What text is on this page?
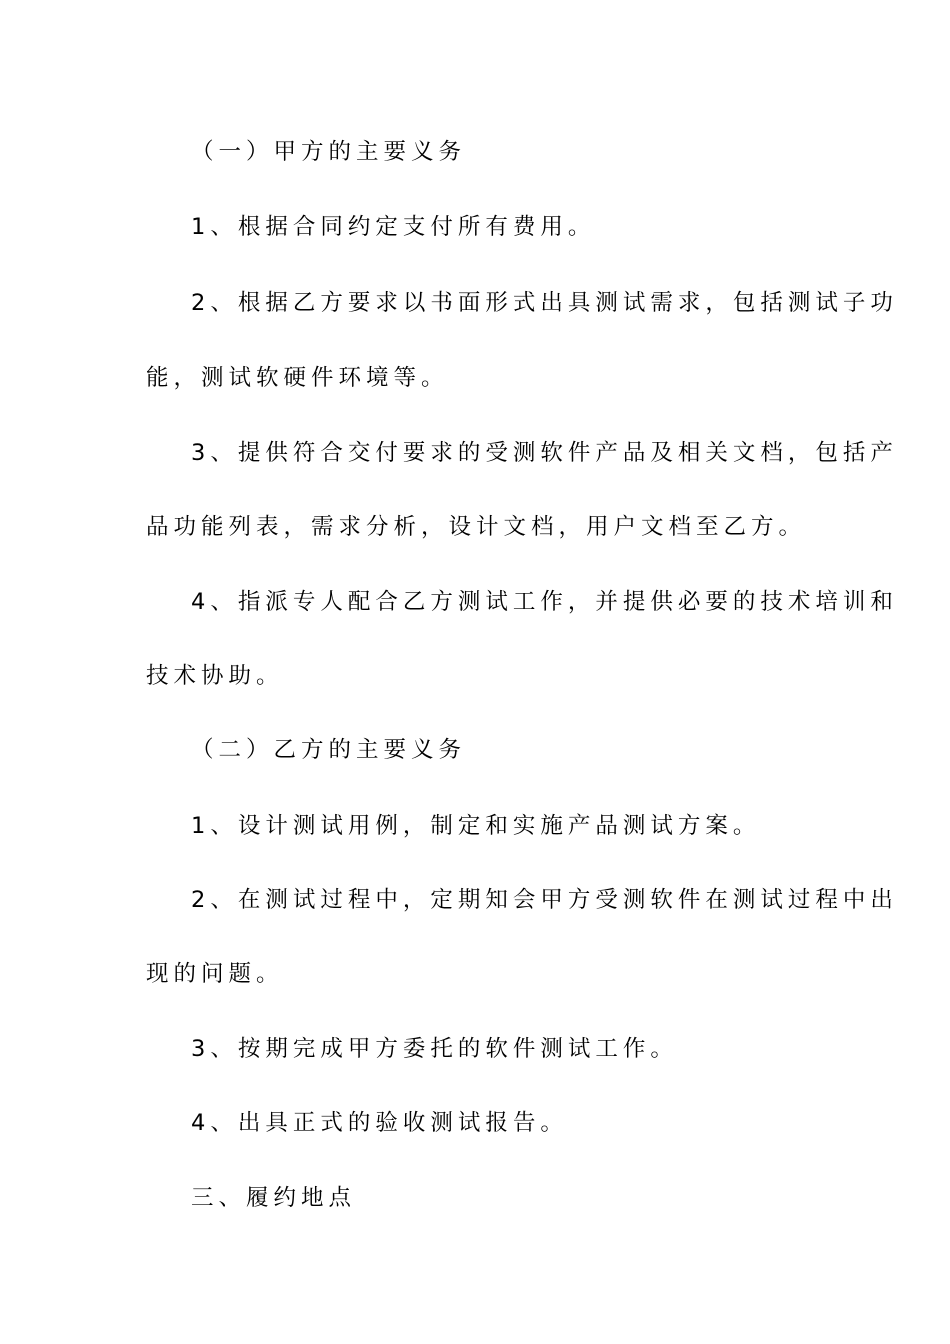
（一）甲方的主要义务
1、根据合同约定支付所有费用。
2、根据乙方要求以书面形式出具测试需求，包括测试子功
能，测试软硬件环境等。
3、提供符合交付要求的受测软件产品及相关文档，包括产
品功能列表，需求分析，设计文档，用户文档至乙方。
4、指派专人配合乙方测试工作，并提供必要的技术培训和
技术协助。
（二）乙方的主要义务
1、设计测试用例，制定和实施产品测试方案。
2、在测试过程中，定期知会甲方受测软件在测试过程中出
现的问题。
3、按期完成甲方委托的软件测试工作。
4、出具正式的验收测试报告。
三、履约地点
